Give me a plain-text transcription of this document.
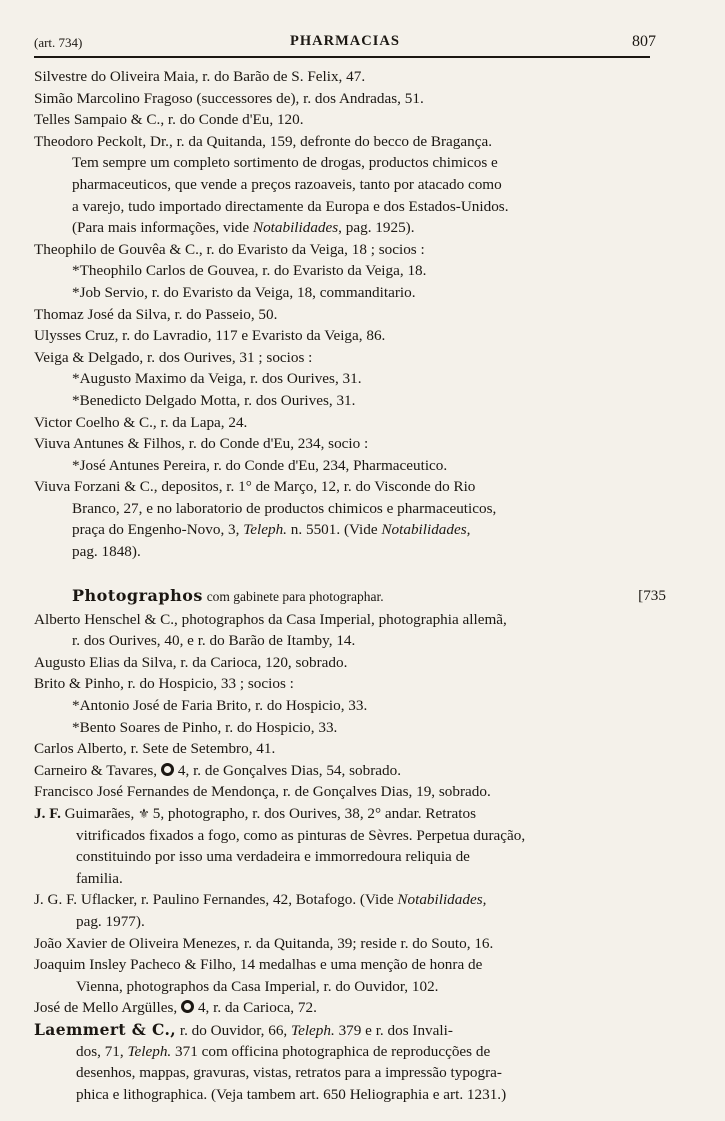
(art. 734)	PHARMACIAS	807
Silvestre do Oliveira Maia, r. do Barão de S. Felix, 47.
Simão Marcolino Fragoso (successores de), r. dos Andradas, 51.
Telles Sampaio & C., r. do Conde d'Eu, 120.
Theodoro Peckolt, Dr., r. da Quitanda, 159, defronte do becco de Bragança.
Tem sempre um completo sortimento de drogas, productos chimicos e
pharmaceuticos, que vende a preços razoaveis, tanto por atacado como
a varejo, tudo importado directamente da Europa e dos Estados-Unidos.
(Para mais informações, vide Notabilidades, pag. 1925).
Theophilo de Gouvêa & C., r. do Evaristo da Veiga, 18 ; socios :
*Theophilo Carlos de Gouvea, r. do Evaristo da Veiga, 18.
*Job Servio, r. do Evaristo da Veiga, 18, commanditario.
Thomaz José da Silva, r. do Passeio, 50.
Ulysses Cruz, r. do Lavradio, 117 e Evaristo da Veiga, 86.
Veiga & Delgado, r. dos Ourives, 31 ; socios :
*Augusto Maximo da Veiga, r. dos Ourives, 31.
*Benedicto Delgado Motta, r. dos Ourives, 31.
Victor Coelho & C., r. da Lapa, 24.
Viuva Antunes & Filhos, r. do Conde d'Eu, 234, socio :
*José Antunes Pereira, r. do Conde d'Eu, 234, Pharmaceutico.
Viuva Forzani & C., depositos, r. 1° de Março, 12, r. do Visconde do Rio
Branco, 27, e no laboratorio de productos chimicos e pharmaceuticos,
praça do Engenho-Novo, 3, Teleph. n. 5501. (Vide Notabilidades,
pag. 1848).
Photographos com gabinete para photographar.	[735
Alberto Henschel & C., photographos da Casa Imperial, photographia allemã,
r. dos Ourives, 40, e r. do Barão de Itamby, 14.
Augusto Elias da Silva, r. da Carioca, 120, sobrado.
Brito & Pinho, r. do Hospicio, 33 ; socios :
*Antonio José de Faria Brito, r. do Hospicio, 33.
*Bento Soares de Pinho, r. do Hospicio, 33.
Carlos Alberto, r. Sete de Setembro, 41.
Carneiro & Tavares, 4, r. de Gonçalves Dias, 54, sobrado.
Francisco José Fernandes de Mendonça, r. de Gonçalves Dias, 19, sobrado.
J. F. Guimarães, ⚜ 5, photographo, r. dos Ourives, 38, 2° andar. Retratos
vitrificados fixados a fogo, como as pinturas de Sèvres. Perpetua duração,
constituindo por isso uma verdadeira e immorredoura reliquia de
familia.
J. G. F. Uflacker, r. Paulino Fernandes, 42, Botafogo. (Vide Notabilidades,
pag. 1977).
João Xavier de Oliveira Menezes, r. da Quitanda, 39; reside r. do Souto, 16.
Joaquim Insley Pacheco & Filho, 14 medalhas e uma menção de honra de
Vienna, photographos da Casa Imperial, r. do Ouvidor, 102.
José de Mello Argülles, 4, r. da Carioca, 72.
Laemmert & C., r. do Ouvidor, 66, Teleph. 379 e r. dos Invali-
dos, 71, Teleph. 371 com officina photographica de reproducções de
desenhos, mappas, gravuras, vistas, retratos para a impressão typogra-
phica e lithographica. (Veja tambem art. 650 Heliographia e art. 1231.)
